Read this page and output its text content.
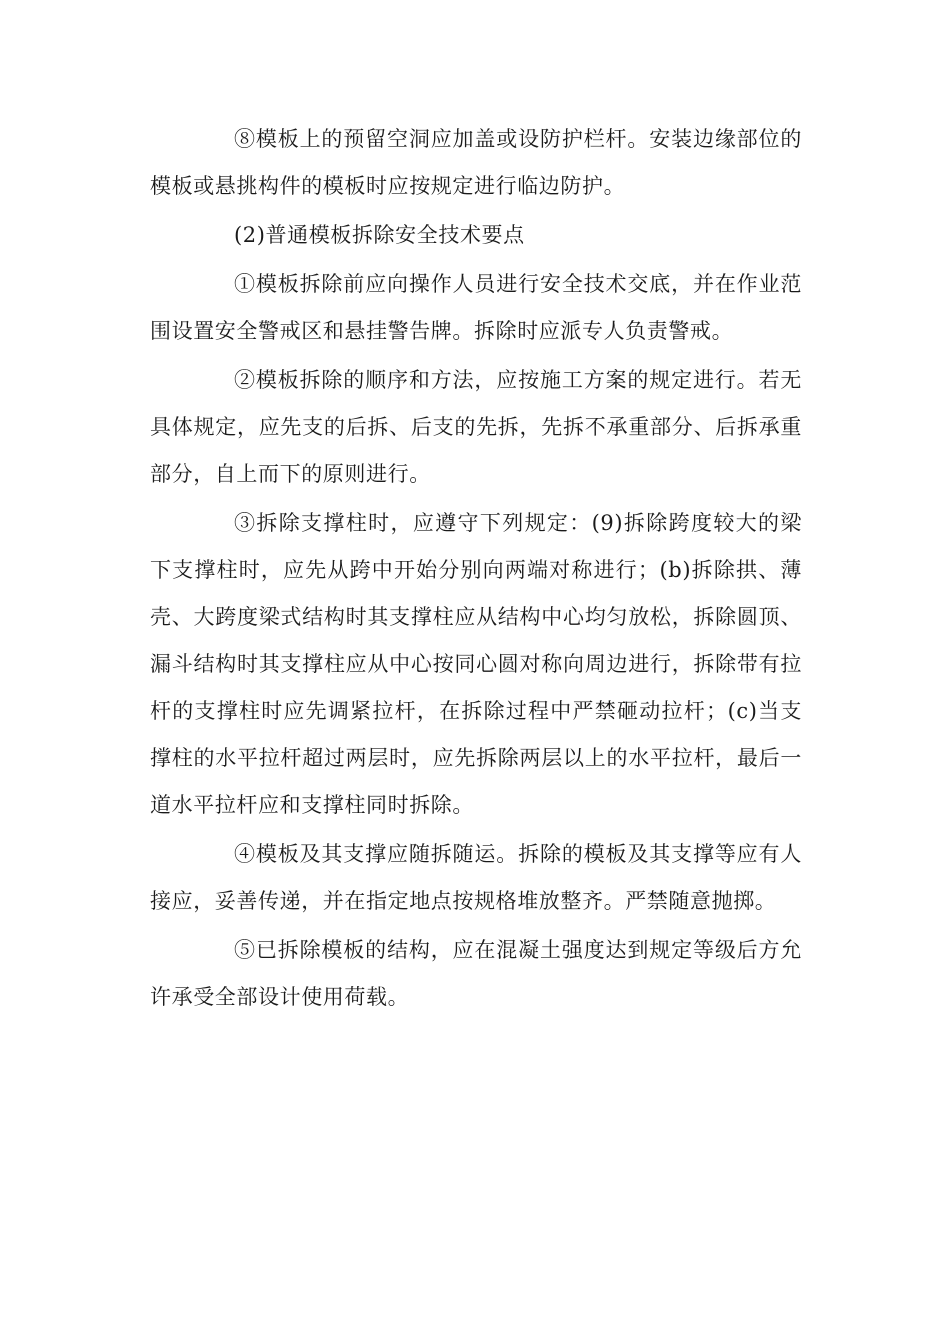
⑧模板上的预留空洞应加盖或设防护栏杆。安装边缘部位的模板或悬挑构件的模板时应按规定进行临边防护。

(2)普通模板拆除安全技术要点

①模板拆除前应向操作人员进行安全技术交底，并在作业范围设置安全警戒区和悬挂警告牌。拆除时应派专人负责警戒。

②模板拆除的顺序和方法，应按施工方案的规定进行。若无具体规定，应先支的后拆、后支的先拆，先拆不承重部分、后拆承重部分，自上而下的原则进行。

③拆除支撑柱时，应遵守下列规定：(9)拆除跨度较大的梁下支撑柱时，应先从跨中开始分别向两端对称进行；(b)拆除拱、薄壳、大跨度梁式结构时其支撑柱应从结构中心均匀放松，拆除圆顶、漏斗结构时其支撑柱应从中心按同心圆对称向周边进行，拆除带有拉杆的支撑柱时应先调紧拉杆，在拆除过程中严禁砸动拉杆；(c)当支撑柱的水平拉杆超过两层时，应先拆除两层以上的水平拉杆，最后一道水平拉杆应和支撑柱同时拆除。

④模板及其支撑应随拆随运。拆除的模板及其支撑等应有人接应，妥善传递，并在指定地点按规格堆放整齐。严禁随意抛掷。

⑤已拆除模板的结构，应在混凝土强度达到规定等级后方允许承受全部设计使用荷载。
